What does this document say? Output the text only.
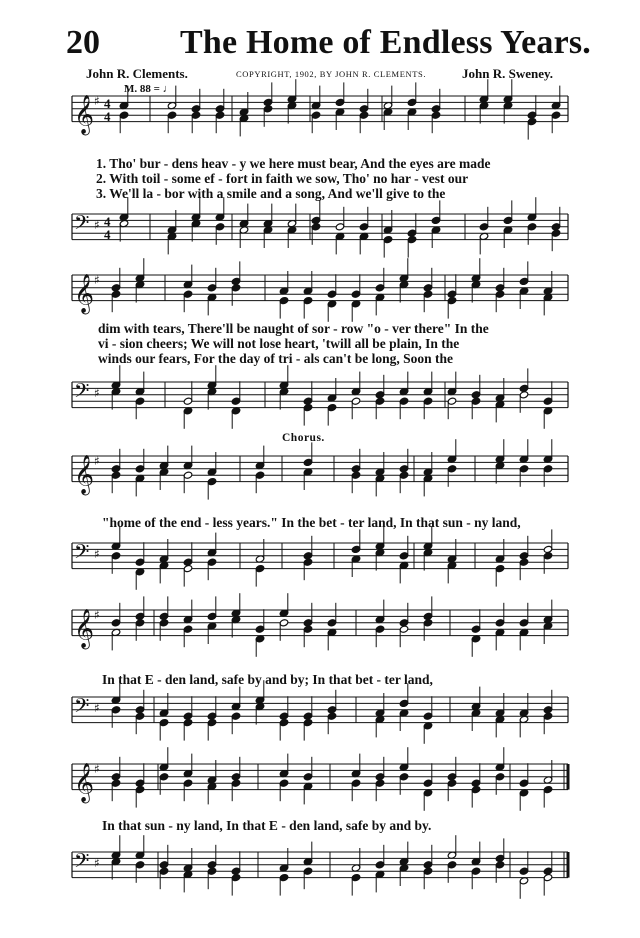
20 The Home of Endless Years.
John R. Clements.	COPYRIGHT, 1902, BY JOHN R. CLEMENTS.	John R. Sweney.
M. 88 = ♩
1. Tho' bur - dens heav - y we here must bear, And the eyes are made
2. With toil - some ef - fort in faith we sow, Tho' no har - vest our
3. We'll la - bor with a smile and a song, And we'll give to the
dim with tears, There'll be naught of sor - row "o - ver there" In the
vi - sion cheers; We will not lose heart, 'twill all be plain, In the
winds our fears, For the day of tri - als can't be long, Soon the
Chorus.
"home of the end - less years." In the bet - ter land, In that sun - ny land,
In that E - den land, safe by and by; In that bet - ter land,
In that sun - ny land, In that E - den land, safe by and by.
𝄞 ♯ 4
4
𝄢 ♯ 4
4
𝄞 ♯
𝄢 ♯
𝄞 ♯
𝄢 ♯
𝄞 ♯
𝄢 ♯
𝄞 ♯
𝄢 ♯
